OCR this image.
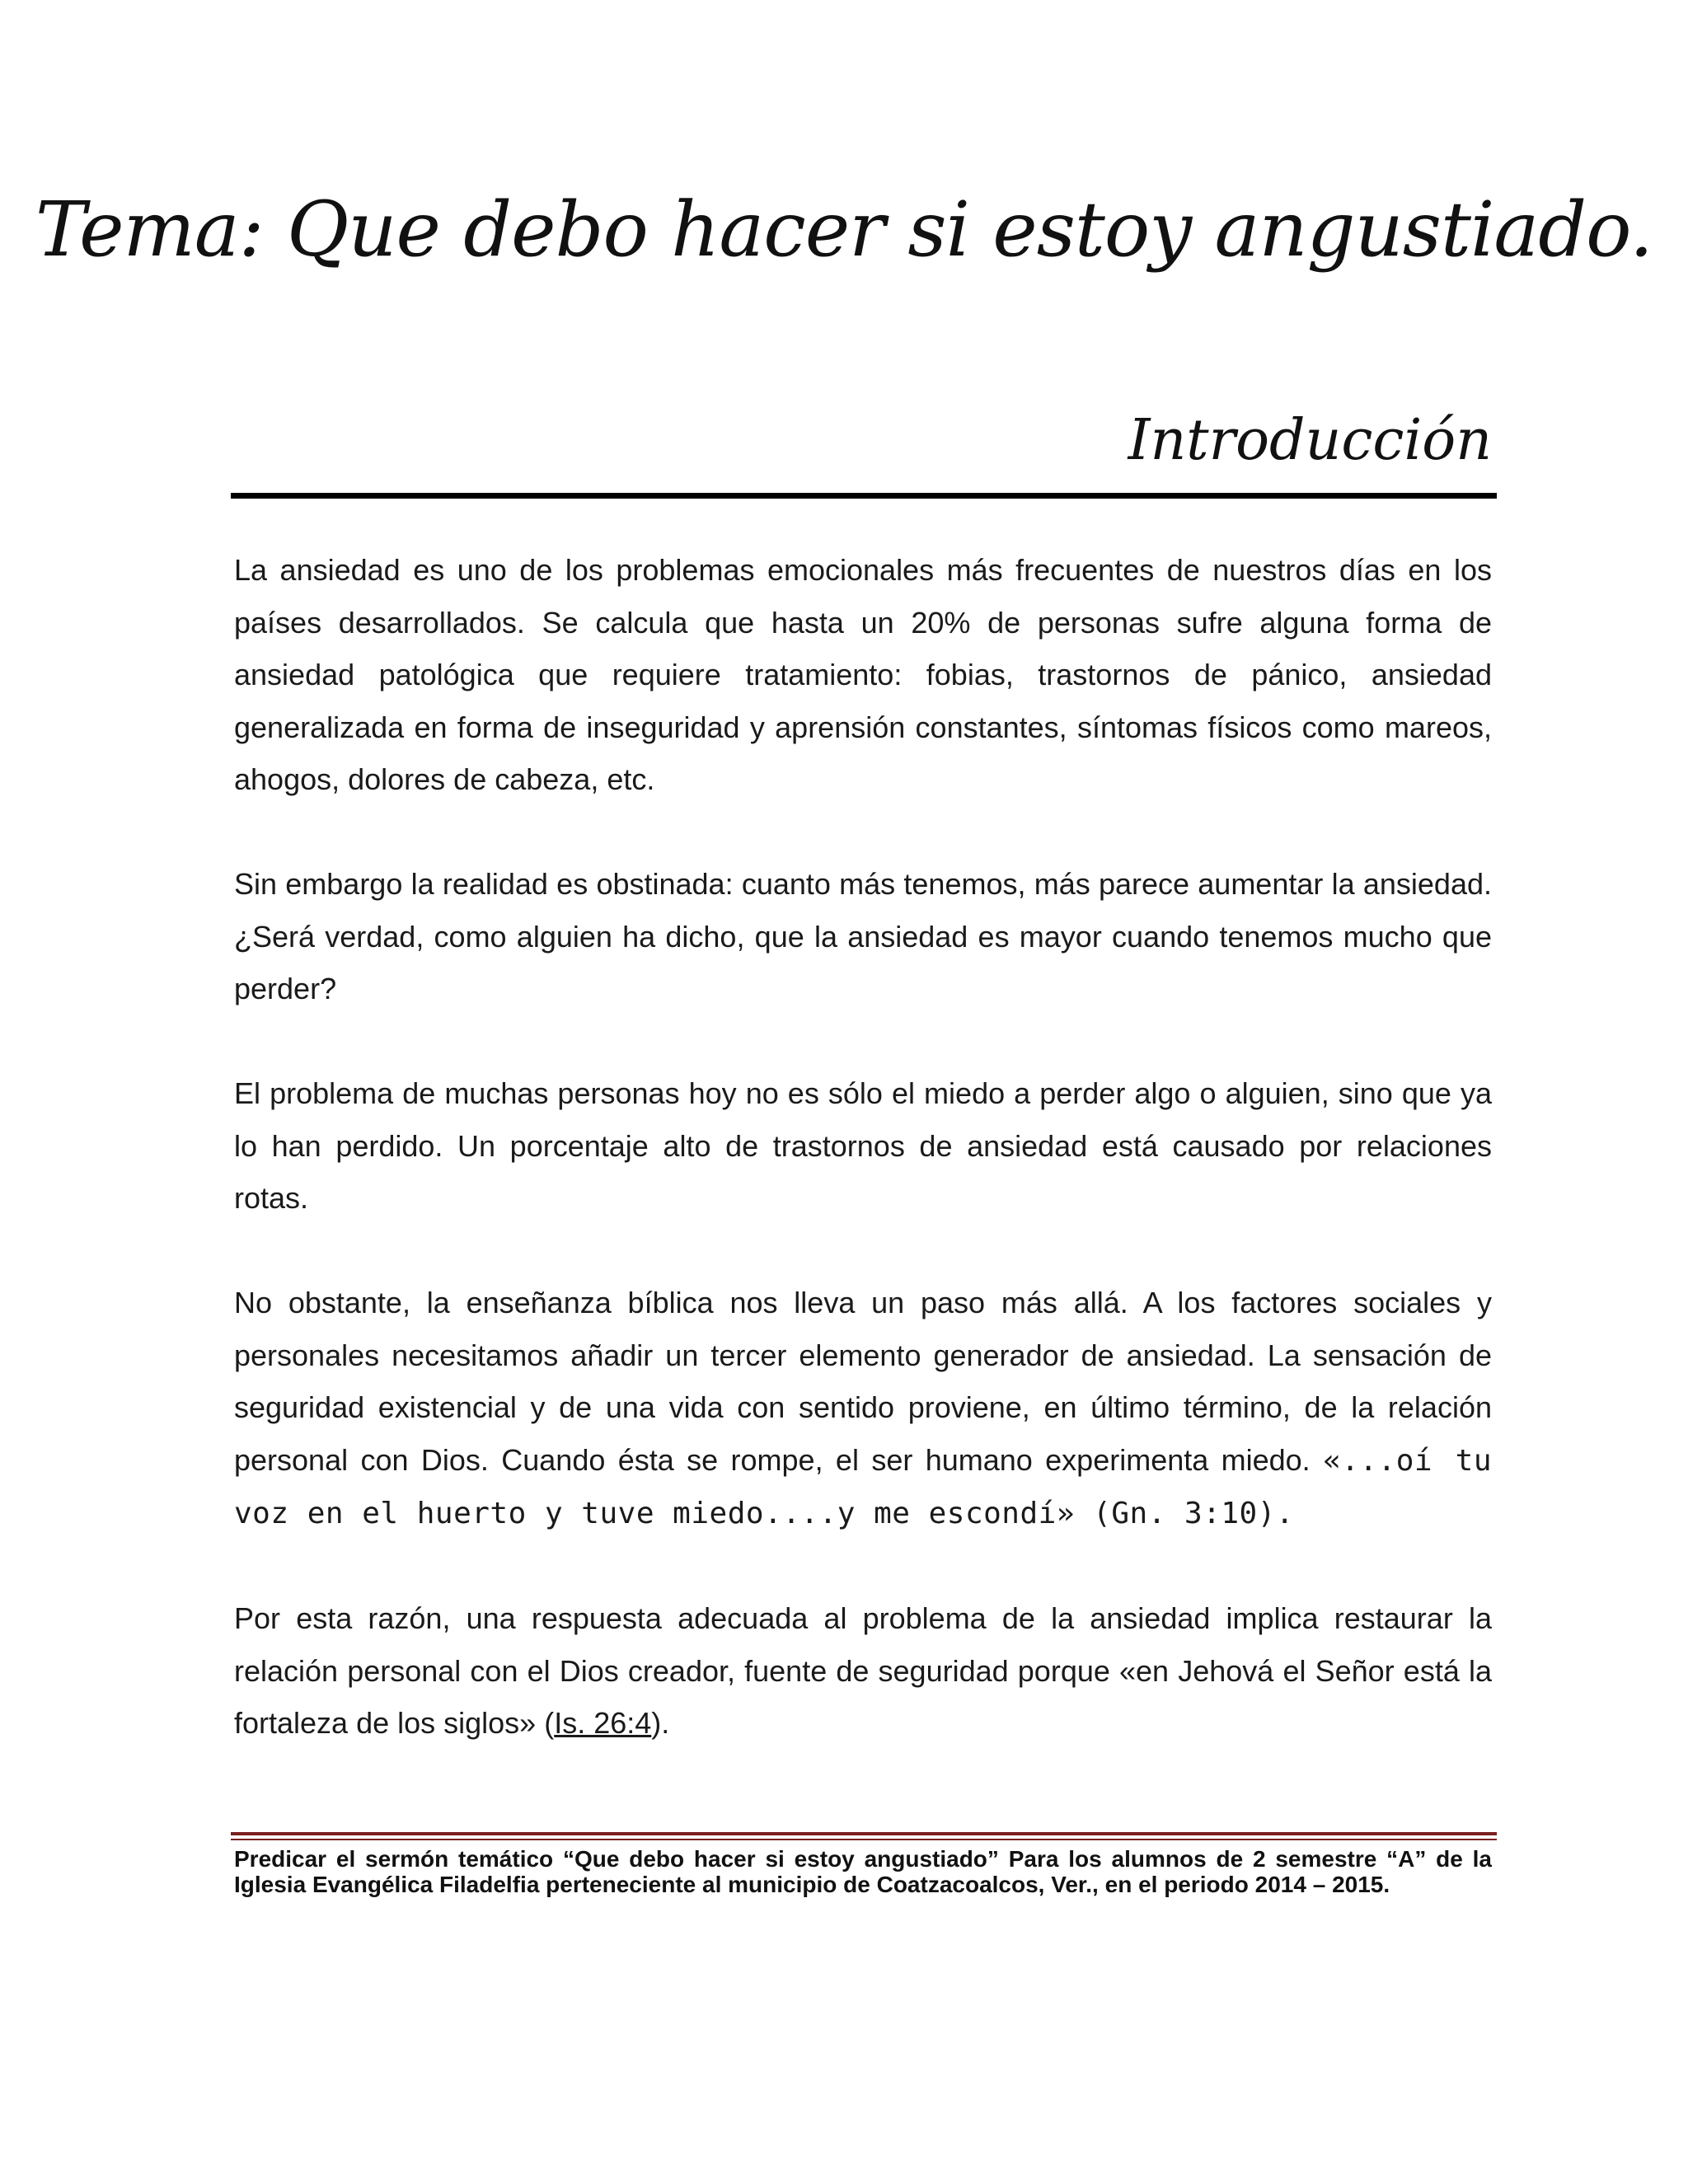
Tema: Que debo hacer si estoy angustiado.
Introducción

La ansiedad es uno de los problemas emocionales más frecuentes de nuestros días en los países desarrollados. Se calcula que hasta un 20% de personas sufre alguna forma de ansiedad patológica que requiere tratamiento: fobias, trastornos de pánico, ansiedad generalizada en forma de inseguridad y aprensión constantes, síntomas físicos como mareos, ahogos, dolores de cabeza, etc.

Sin embargo la realidad es obstinada: cuanto más tenemos, más parece aumentar la ansiedad. ¿Será verdad, como alguien ha dicho, que la ansiedad es mayor cuando tenemos mucho que perder?

El problema de muchas personas hoy no es sólo el miedo a perder algo o alguien, sino que ya lo han perdido. Un porcentaje alto de trastornos de ansiedad está causado por relaciones rotas.

No obstante, la enseñanza bíblica nos lleva un paso más allá. A los factores sociales y personales necesitamos añadir un tercer elemento generador de ansiedad. La sensación de seguridad existencial y de una vida con sentido proviene, en último término, de la relación personal con Dios. Cuando ésta se rompe, el ser humano experimenta miedo. «...oí tu voz en el huerto y tuve miedo....y me escondí» (Gn. 3:10).

Por esta razón, una respuesta adecuada al problema de la ansiedad implica restaurar la relación personal con el Dios creador, fuente de seguridad porque «en Jehová el Señor está la fortaleza de los siglos» (Is. 26:4).

Predicar el sermón temático “Que debo hacer si estoy angustiado” Para los alumnos de 2 semestre “A” de la Iglesia Evangélica Filadelfia perteneciente al municipio de Coatzacoalcos, Ver., en el periodo 2014 – 2015.
